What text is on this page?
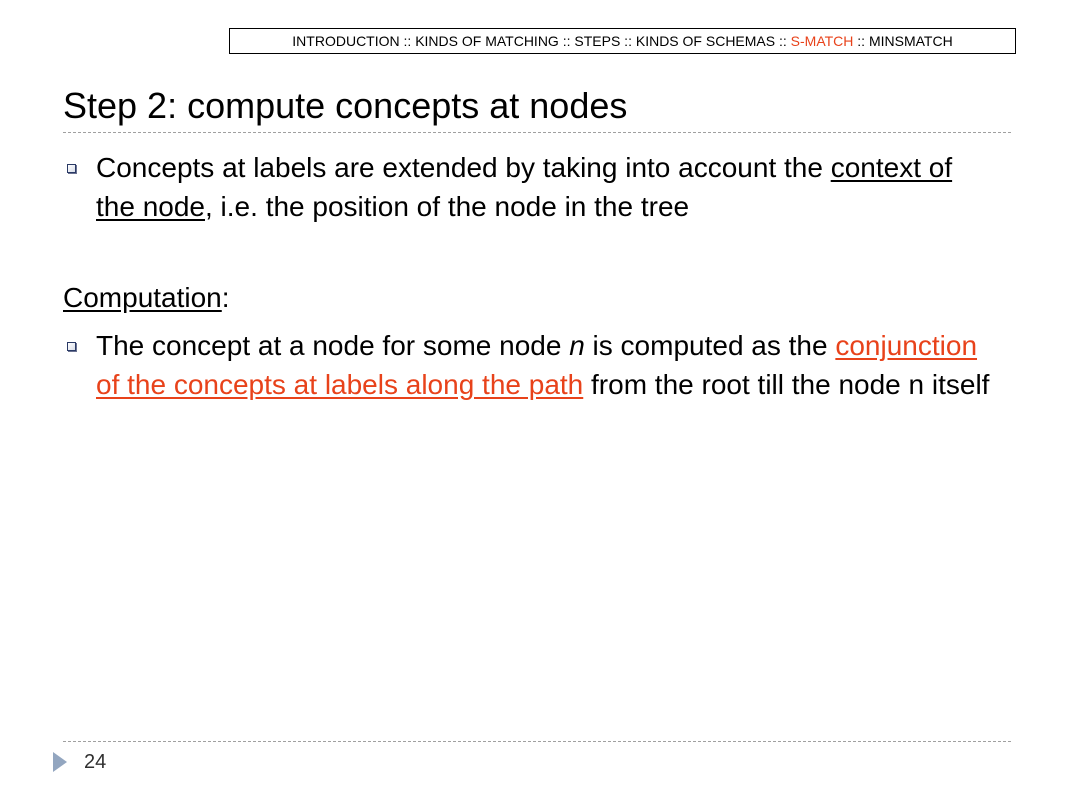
INTRODUCTION :: KINDS OF MATCHING :: STEPS :: KINDS OF SCHEMAS :: S-MATCH :: MINSMATCH
Step 2: compute concepts at nodes
Concepts at labels are extended by taking into account the context of the node, i.e. the position of the node in the tree
Computation:
The concept at a node for some node n is computed as the conjunction of the concepts at labels along the path from the root till the node n itself
24
